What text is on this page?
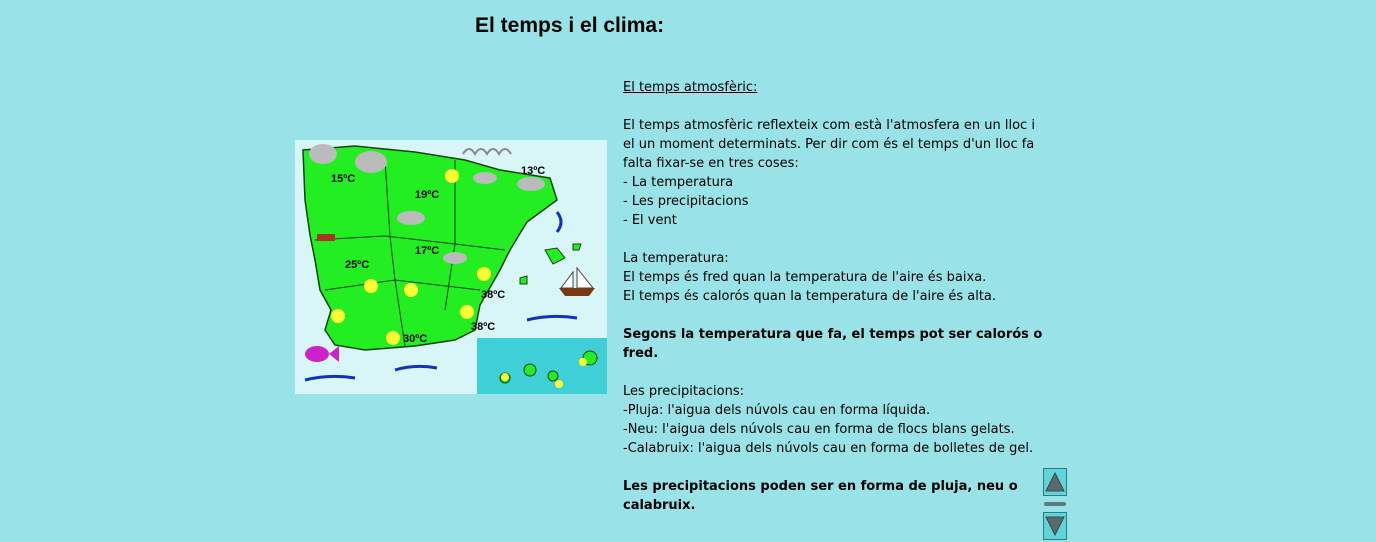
El temps i el clima:
15ºC
19ºC
13ºC
17ºC
25ºC
38ºC
38ºC
30ºC

El temps atmosfèric:

El temps atmosfèric reflexteix com està l'atmosfera en un lloc i

el un moment determinats. Per dir com és el temps d'un lloc fa

falta fixar-se en tres coses:

- La temperatura

- Les precipitacions

- El vent

La temperatura:

El temps és fred quan la temperatura de l'aire és baixa.

El temps és calorós quan la temperatura de l'aire és alta.

Segons la temperatura que fa, el temps pot ser calorós o

fred.

Les precipitacions:

-Pluja: l'aigua dels núvols cau en forma líquida.

-Neu: l'aigua dels núvols cau en forma de flocs blans gelats.

-Calabruix: l'aigua dels núvols cau en forma de bolletes de gel.

Les precipitacions poden ser en forma de pluja, neu o

calabruix.
